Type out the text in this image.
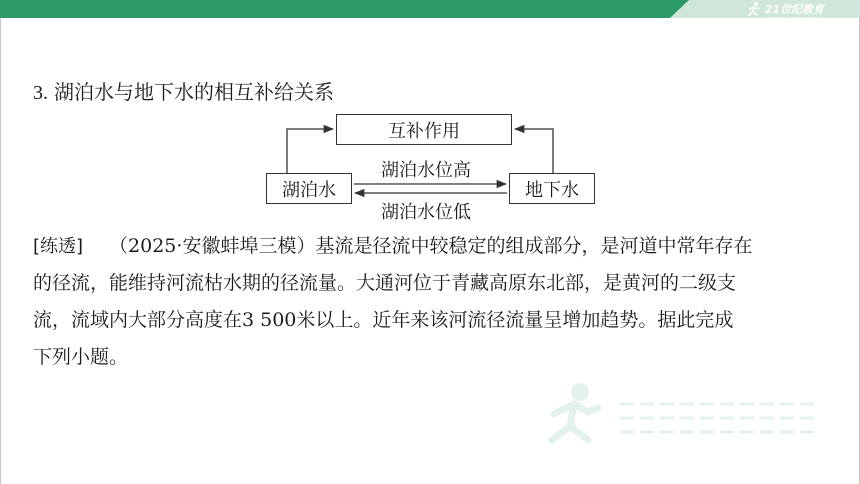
21世纪教育
WWW.21CNJY.COM
3. 湖泊水与地下水的相互补给关系
互补作用
湖泊水	地下水
湖泊水位高
湖泊水位低
[练透] （2025·安徽蚌埠三模）基流是径流中较稳定的组成部分，是河道中常年存在
的径流，能维持河流枯水期的径流量。大通河位于青藏高原东北部，是黄河的二级支
流，流域内大部分高度在3 500米以上。近年来该河流径流量呈增加趋势。据此完成
下列小题。
